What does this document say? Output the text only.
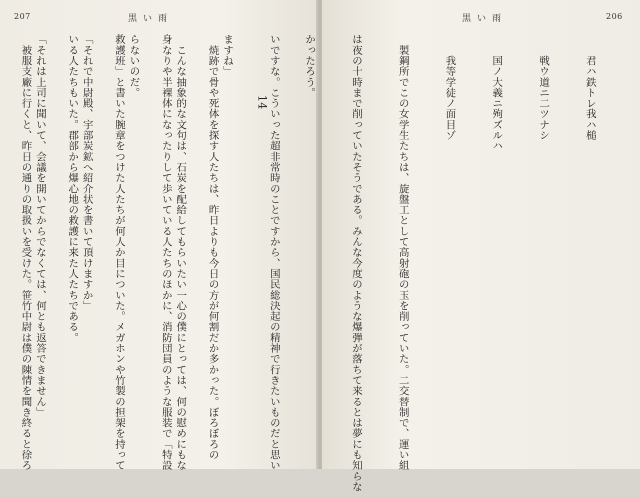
207	黒い雨

いですな。こういった超非常時のことですから、国民総決起の精神で行きたいものだと思い

ますね」

　こんな抽象的な文句は、石炭を配給してもらいたい一心の僕にとっては、何の慰めにもな

らないのだ。

「それで中尉殿、宇部炭鉱へ紹介状を書いて頂けますか」

「それは上司に聞いて、会議を開いてからでなくては、何とも返答できません」

黒い雨	206

　　君ハ鉄トレ我ハ槌

　　戦ウ道ニ二ツナシ

　　国ノ大義ニ殉ズルハ

　　我等学徒ノ面目ゾ

　製鋼所でこの女学生たちは、旋盤工として高射砲の玉を削っていた。二交替制で、運い組

は夜の十時まで削っていたそうである。みんな今度のような爆弾が落ちて来るとは夢にも知らな

かったろう。

14

　焼跡で骨や死体を探す人たちは、昨日よりも今日の方が何割だか多かった。ぼろぼろの

身なりや半裸体になったりして歩いている人たちのほかに、消防団員のような服装で「特設

救護班」と書いた腕章をつけた人たちが何人か目についた。メガホンや竹製の担架を持って

いる人たちもいた。郡部から爆心地の救護に来た人たちである。

　被服支廠に行くと、昨日の通りの取扱いを受けた。笹竹中尉は僕の陳情を聞き終ると徐ろ
